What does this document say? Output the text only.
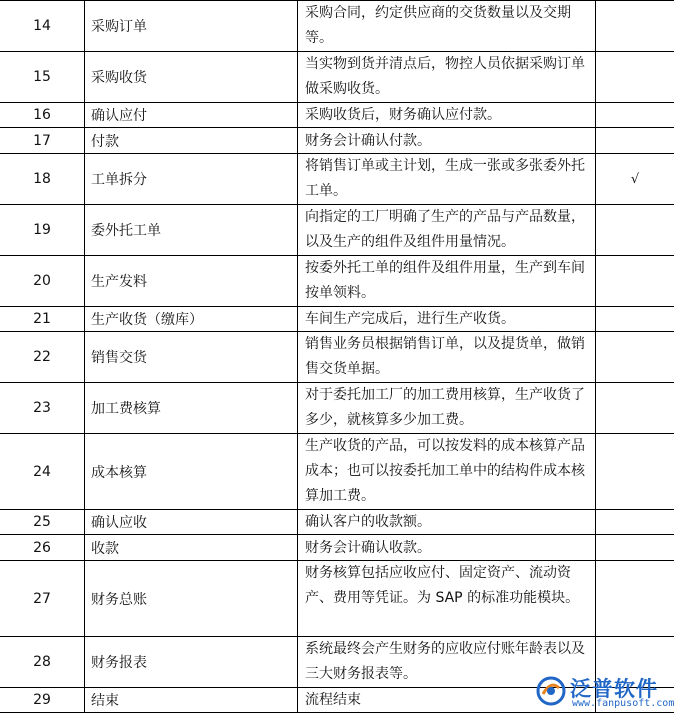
14	采购订单	采购合同，约定供应商的交货数量以及交期等。	
15	采购收货	当实物到货并清点后，物控人员依据采购订单做采购收货。	
16	确认应付	采购收货后，财务确认应付款。	
17	付款	财务会计确认付款。	
18	工单拆分	将销售订单或主计划，生成一张或多张委外托工单。	√
19	委外托工单	向指定的工厂明确了生产的产品与产品数量，以及生产的组件及组件用量情况。	
20	生产发料	按委外托工单的组件及组件用量，生产到车间按单领料。	
21	生产收货（缴库）	车间生产完成后，进行生产收货。	
22	销售交货	销售业务员根据销售订单，以及提货单，做销售交货单据。	
23	加工费核算	对于委托加工厂的加工费用核算，生产收货了多少，就核算多少加工费。	
24	成本核算	生产收货的产品，可以按发料的成本核算产品成本；也可以按委托加工单中的结构件成本核算加工费。	
25	确认应收	确认客户的收款额。	
26	收款	财务会计确认收款。	
27	财务总账	财务核算包括应收应付、固定资产、流动资产、费用等凭证。为 SAP 的标准功能模块。	
28	财务报表	系统最终会产生财务的应收应付账年龄表以及三大财务报表等。	
29	结束	流程结束		泛普软件
www.fanpusoft.com
